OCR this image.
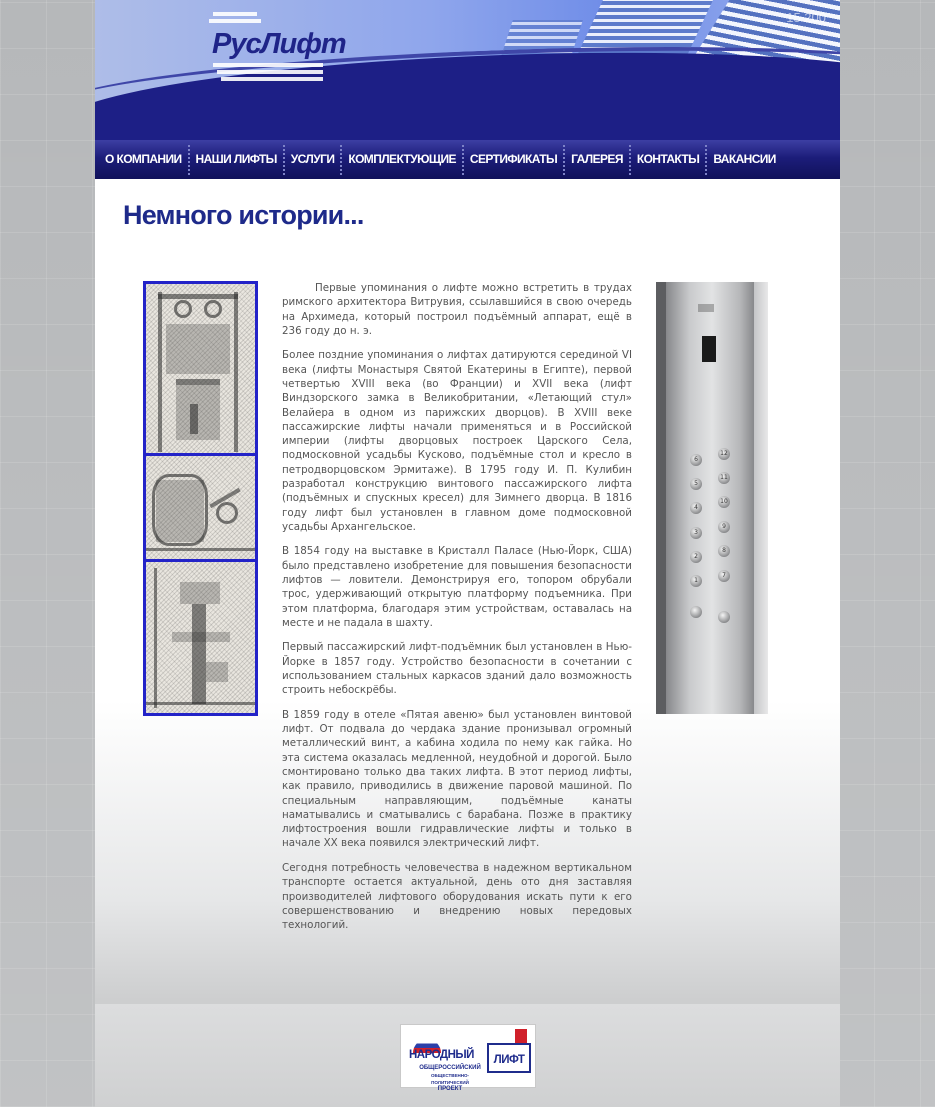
РусЛифт
15 200
О КОМПАНИИ	НАШИ ЛИФТЫ	УСЛУГИ	КОМПЛЕКТУЮЩИЕ	СЕРТИФИКАТЫ	ГАЛЕРЕЯ	КОНТАКТЫ	ВАКАНСИИ
Немного истории...

Первые упоминания о лифте можно встретить в трудах римского архитектора Витрувия, ссылавшийся в свою очередь на Архимеда, который построил подъёмный аппарат, ещё в 236 году до н. э.

Более поздние упоминания о лифтах датируются серединой VI века (лифты Монастыря Святой Екатерины в Египте), первой четвертью XVIII века (во Франции) и XVII века (лифт Виндзорского замка в Великобритании, «Летающий стул» Велайера в одном из парижских дворцов). В XVIII веке пассажирские лифты начали применяться и в Российской империи (лифты дворцовых построек Царского Села, подмосковной усадьбы Кусково, подъёмные стол и кресло в петродворцовском Эрмитаже). В 1795 году И. П. Кулибин разработал конструкцию винтового пассажирского лифта (подъёмных и спускных кресел) для Зимнего дворца. В 1816 году лифт был установлен в главном доме подмосковной усадьбы Архангельское.

В 1854 году на выставке в Кристалл Паласе (Нью-Йорк, США) было представлено изобретение для повышения безопасности лифтов — ловители. Демонстрируя его, топором обрубали трос, удерживающий открытую платформу подъемника. При этом платформа, благодаря этим устройствам, оставалась на месте и не падала в шахту.

Первый пассажирский лифт-подъёмник был установлен в Нью-Йорке в 1857 году. Устройство безопасности в сочетании с использованием стальных каркасов зданий дало возможность строить небоскрёбы.

В 1859 году в отеле «Пятая авеню» был установлен винтовой лифт. От подвала до чердака здание пронизывал огромный металлический винт, а кабина ходила по нему как гайка. Но эта система оказалась медленной, неудобной и дорогой. Было смонтировано только два таких лифта. В этот период лифты, как правило, приводились в движение паровой машиной. По специальным направляющим, подъёмные канаты наматывались и сматывались с барабана. Позже в практику лифтостроения вошли гидравлические лифты и только в начале XX века появился электрический лифт.

Сегодня потребность человечества в надежном вертикальном транспорте остается актуальной, день ото дня заставляя производителей лифтового оборудования искать пути к его совершенствованию и внедрению новых передовых технологий.

12
6
11
5
10
4
9
3
8
2
7
1
НАРОДНЫЙ	ЛИФТ
ОБЩЕРОССИЙСКИЙ
ОБЩЕСТВЕННО-ПОЛИТИЧЕСКИЙ
ПРОЕКТ
